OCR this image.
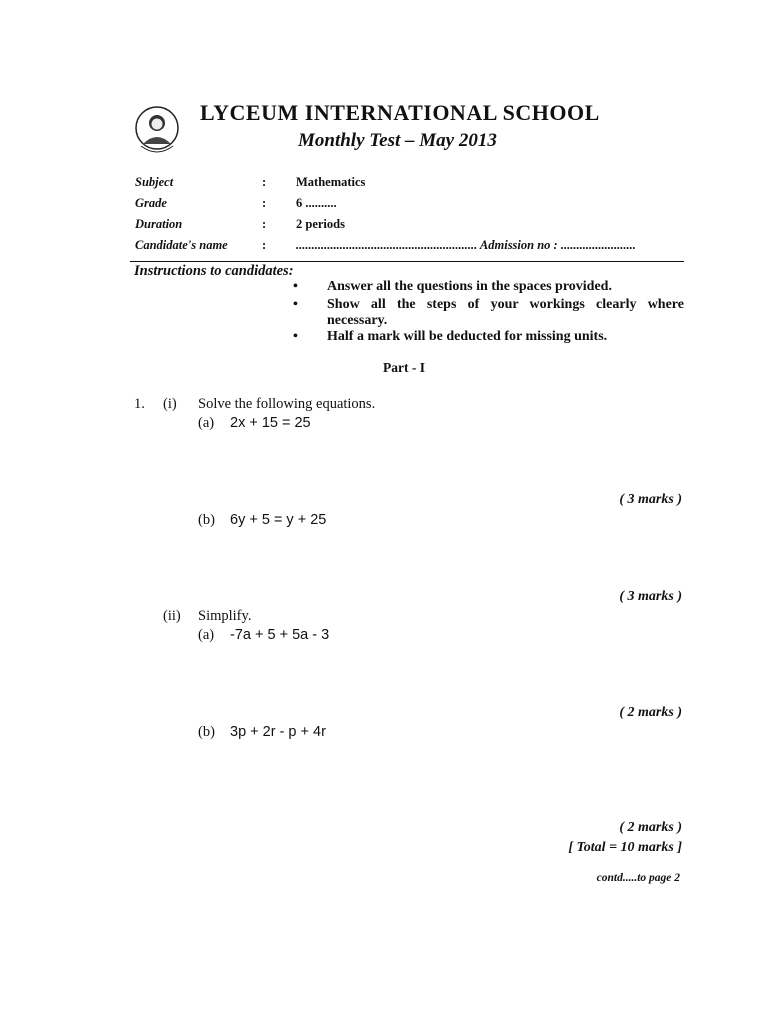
LYCEUM INTERNATIONAL SCHOOL
Monthly Test – May 2013
Subject	: Mathematics
Grade	: 6 ..........
Duration	: 2 periods
Candidate's name	: .......................................................... Admission no : ........................
Instructions to candidates:
• Answer all the questions in the spaces provided.
• Show all the steps of your workings clearly where necessary.
• Half a mark will be deducted for missing units.
Part - I
1. (i) Solve the following equations.
(a) 2x + 15 = 25
( 3 marks )
(b) 6y + 5 = y + 25
( 3 marks )
(ii) Simplify.
(a) -7a + 5 + 5a - 3
( 2 marks )
(b) 3p + 2r - p + 4r
( 2 marks )
[ Total = 10 marks ]
contd.....to page 2
